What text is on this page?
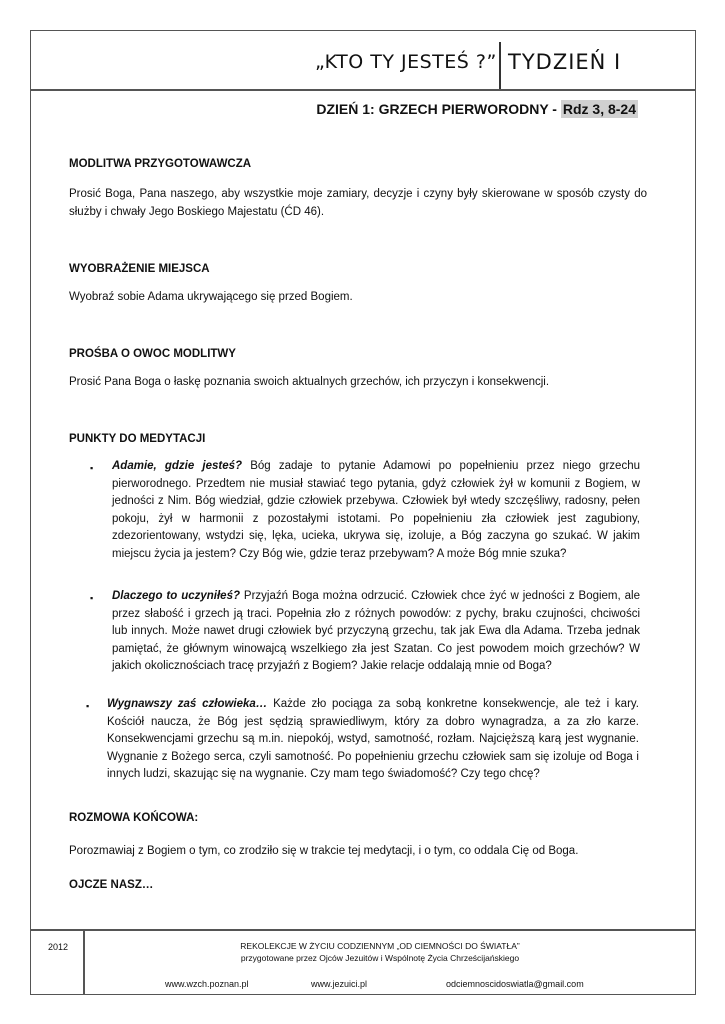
„KTO TY JESTEŚ ?” TYDZIEŃ I
DZIEŃ 1: GRZECH PIERWORODNY - Rdz 3, 8-24
MODLITWA PRZYGOTOWAWCZA
Prosić Boga, Pana naszego, aby wszystkie moje zamiary, decyzje i czyny były skierowane w sposób czysty do służby i chwały Jego Boskiego Majestatu (ĆD 46).
WYOBRAŻENIE MIEJSCA
Wyobraź sobie Adama ukrywającego się przed Bogiem.
PROŚBA O OWOC MODLITWY
Prosić Pana Boga o łaskę poznania swoich aktualnych grzechów, ich przyczyn i konsekwencji.
PUNKTY DO MEDYTACJI
▪ Adamie, gdzie jesteś? Bóg zadaje to pytanie Adamowi po popełnieniu przez niego grzechu pierworodnego. Przedtem nie musiał stawiać tego pytania, gdyż człowiek żył w komunii z Bogiem, w jedności z Nim. Bóg wiedział, gdzie człowiek przebywa. Człowiek był wtedy szczęśliwy, radosny, pełen pokoju, żył w harmonii z pozostałymi istotami. Po popełnieniu zła człowiek jest zagubiony, zdezorientowany, wstydzi się, lęka, ucieka, ukrywa się, izoluje, a Bóg zaczyna go szukać. W jakim miejscu życia ja jestem? Czy Bóg wie, gdzie teraz przebywam? A może Bóg mnie szuka?
▪ Dlaczego to uczyniłeś? Przyjaźń Boga można odrzucić. Człowiek chce żyć w jedności z Bogiem, ale przez słabość i grzech ją traci. Popełnia zło z różnych powodów: z pychy, braku czujności, chciwości lub innych. Może nawet drugi człowiek być przyczyną grzechu, tak jak Ewa dla Adama. Trzeba jednak pamiętać, że głównym winowajcą wszelkiego zła jest Szatan. Co jest powodem moich grzechów? W jakich okolicznościach tracę przyjaźń z Bogiem? Jakie relacje oddalają mnie od Boga?
▪ Wygnawszy zaś człowieka… Każde zło pociąga za sobą konkretne konsekwencje, ale też i kary. Kościół naucza, że Bóg jest sędzią sprawiedliwym, który za dobro wynagradza, a za zło karze. Konsekwencjami grzechu są m.in. niepokój, wstyd, samotność, rozłam. Najcięższą karą jest wygnanie. Wygnanie z Bożego serca, czyli samotność. Po popełnieniu grzechu człowiek sam się izoluje od Boga i innych ludzi, skazując się na wygnanie. Czy mam tego świadomość? Czy tego chcę?
ROZMOWA KOŃCOWA:
Porozmawiaj z Bogiem o tym, co zrodziło się w trakcie tej medytacji, i o tym, co oddala Cię od Boga.
OJCZE NASZ…
2012	REKOLEKCJE W ŻYCIU CODZIENNYM „OD CIEMNOŚCI DO ŚWIATŁA”
przygotowane przez Ojców Jezuitów i Wspólnotę Życia Chrześcijańskiego
www.wzch.poznan.pl	www.jezuici.pl	odciemnoscidoswiatla@gmail.com
